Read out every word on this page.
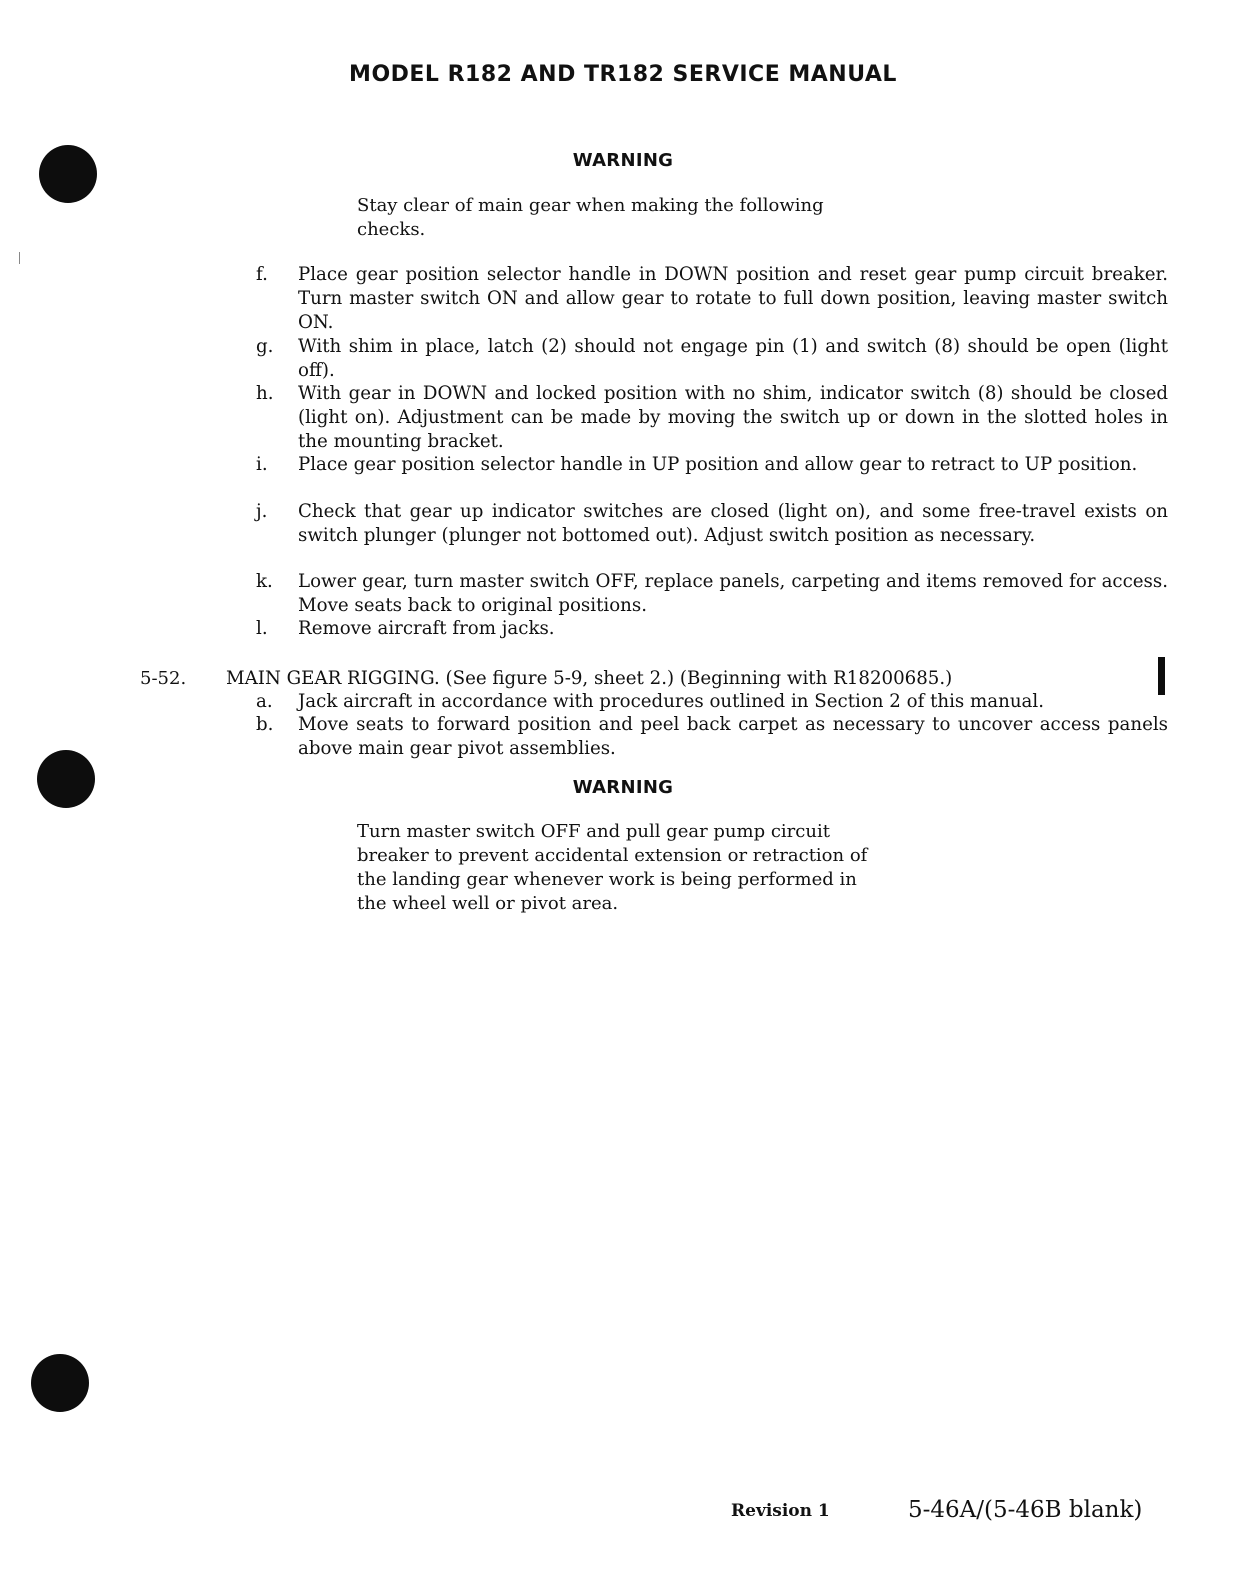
MODEL R182 AND TR182 SERVICE MANUAL
WARNING
Stay clear of main gear when making the following
checks.
f. Place gear position selector handle in DOWN position and reset gear pump circuit breaker. Turn master switch ON and allow gear to rotate to full down position, leaving master switch ON.
g. With shim in place, latch (2) should not engage pin (1) and switch (8) should be open (light off).
h. With gear in DOWN and locked position with no shim, indicator switch (8) should be closed (light on). Adjustment can be made by moving the switch up or down in the slotted holes in the mounting bracket.
i. Place gear position selector handle in UP position and allow gear to retract to UP position.
j. Check that gear up indicator switches are closed (light on), and some free-travel exists on switch plunger (plunger not bottomed out). Adjust switch position as necessary.
k. Lower gear, turn master switch OFF, replace panels, carpeting and items removed for access. Move seats back to original positions.
l. Remove aircraft from jacks.
5-52. MAIN GEAR RIGGING. (See figure 5-9, sheet 2.) (Beginning with R18200685.)
a. Jack aircraft in accordance with procedures outlined in Section 2 of this manual.
b. Move seats to forward position and peel back carpet as necessary to uncover access panels above main gear pivot assemblies.
WARNING
Turn master switch OFF and pull gear pump circuit
breaker to prevent accidental extension or retraction of
the landing gear whenever work is being performed in
the wheel well or pivot area.
Revision 1	5-46A/(5-46B blank)
